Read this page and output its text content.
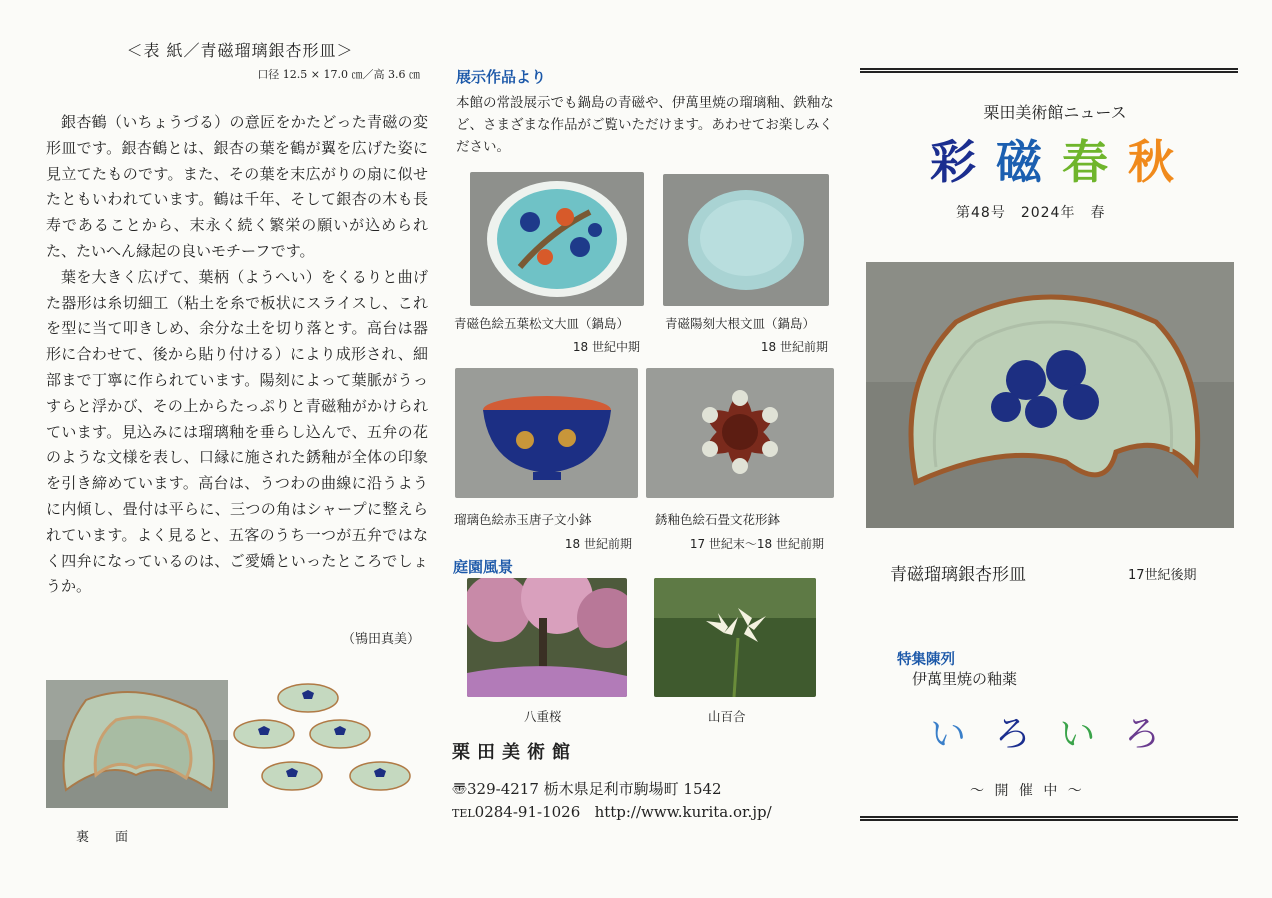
＜表 紙／青磁瑠璃銀杏形皿＞
口径 12.5 × 17.0 ㎝／高 3.6 ㎝

銀杏鶴（いちょうづる）の意匠をかたどった青磁の変形皿です。銀杏鶴とは、銀杏の葉を鶴が翼を広げた姿に見立てたものです。また、その葉を末広がりの扇に似せたともいわれています。鶴は千年、そして銀杏の木も長寿であることから、末永く続く繁栄の願いが込められた、たいへん縁起の良いモチーフです。

葉を大きく広げて、葉柄（ようへい）をくるりと曲げた器形は糸切細工（粘土を糸で板状にスライスし、これを型に当て叩きしめ、余分な土を切り落とす。高台は器形に合わせて、後から貼り付ける）により成形され、細部まで丁寧に作られています。陽刻によって葉脈がうっすらと浮かび、その上からたっぷりと青磁釉がかけられています。見込みには瑠璃釉を垂らし込んで、五弁の花のような文様を表し、口縁に施された銹釉が全体の印象を引き締めています。高台は、うつわの曲線に沿うように内傾し、畳付は平らに、三つの角はシャープに整えられています。よく見ると、五客のうち一つが五弁ではなく四弁になっているのは、ご愛嬌といったところでしょうか。

（鴇田真美）
裏　　面
展示作品より
本館の常設展示でも鍋島の青磁や、伊萬里焼の瑠璃釉、鉄釉など、さまざまな作品がご覧いただけます。あわせてお楽しみください。
青磁色絵五葉松文大皿（鍋島）
18 世紀中期
青磁陽刻大根文皿（鍋島）
18 世紀前期
瑠璃色絵赤玉唐子文小鉢
18 世紀前期
銹釉色絵石畳文花形鉢
17 世紀末～18 世紀前期
庭園風景
八重桜	山百合
栗田美術館
〠329-4217 栃木県足利市駒場町 1542
TEL0284-91-1026 http://www.kurita.or.jp/
栗田美術館ニュース
彩 磁 春 秋
第48号　2024年　春
青磁瑠璃銀杏形皿	17世紀後期
特集陳列
伊萬里焼の釉薬
い ろ い ろ
～ 開 催 中 ～
